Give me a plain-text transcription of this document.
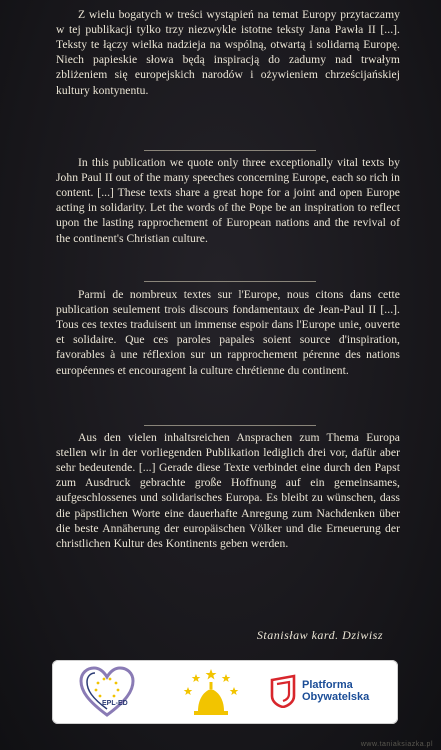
Z wielu bogatych w treści wystąpień na temat Europy przytaczamy w tej publikacji tylko trzy niezwykle istotne teksty Jana Pawła II [...]. Teksty te łączy wielka nadzieja na wspólną, otwartą i solidarną Europę. Niech papieskie słowa będą inspiracją do zadumy nad trwałym zbliżeniem się europejskich narodów i ożywieniem chrześcijańskiej kultury kontynentu.

In this publication we quote only three exceptionally vital texts by John Paul II out of the many speeches concerning Europe, each so rich in content. [...] These texts share a great hope for a joint and open Europe acting in solidarity. Let the words of the Pope be an inspiration to reflect upon the lasting rapprochement of European nations and the revival of the continent's Christian culture.

Parmi de nombreux textes sur l'Europe, nous citons dans cette publication seulement trois discours fondamentaux de Jean-Paul II [...]. Tous ces textes traduisent un immense espoir dans l'Europe unie, ouverte et solidaire. Que ces paroles papales soient source d'inspiration, favorables à une réflexion sur un rapprochement pérenne des nations européennes et encouragent la culture chrétienne du continent.

Aus den vielen inhaltsreichen Ansprachen zum Thema Europa stellen wir in der vorliegenden Publikation lediglich drei vor, dafür aber sehr bedeutende. [...] Gerade diese Texte verbindet eine durch den Papst zum Ausdruck gebrachte große Hoffnung auf ein gemeinsames, aufgeschlossenes und solidarisches Europa. Es bleibt zu wünschen, dass die päpstlichen Worte eine dauerhafte Anregung zum Nachdenken über die beste Annäherung der europäischen Völker und die Erneuerung der christlichen Kultur des Kontinents geben werden.

Stanisław kard. Dziwisz
EPL-ED
Platforma
Obywatelska
www.taniaksiazka.pl
